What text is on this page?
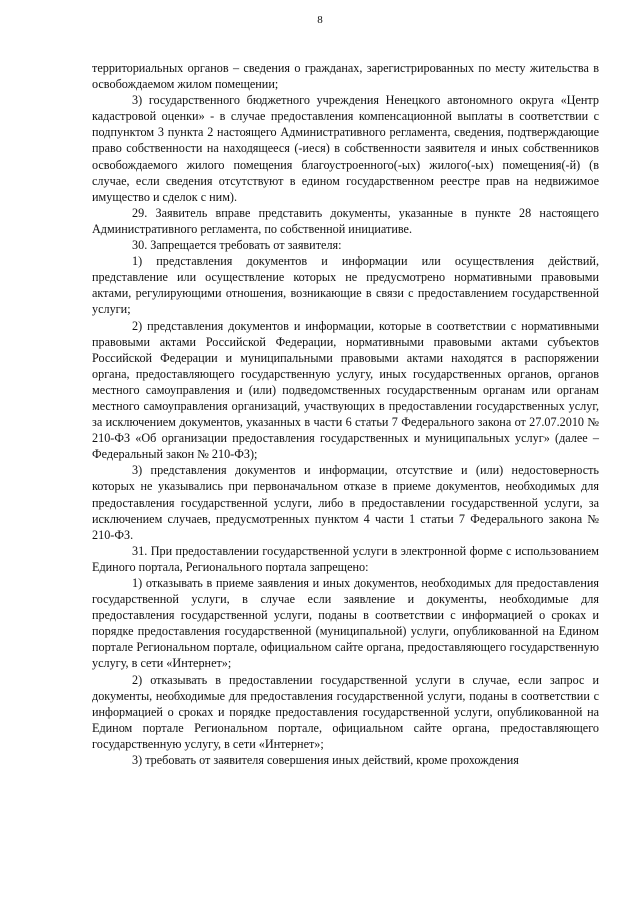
8

территориальных органов – сведения о гражданах, зарегистрированных по месту жительства в освобождаемом жилом помещении;

3) государственного бюджетного учреждения Ненецкого автономного округа «Центр кадастровой оценки» - в случае предоставления компенсационной выплаты в соответствии с подпунктом 3 пункта 2 настоящего Административного регламента, сведения, подтверждающие право собственности на находящееся (-иеся) в собственности заявителя и иных собственников освобождаемого жилого помещения благоустроенного(-ых) жилого(-ых) помещения(-й) (в случае, если сведения отсутствуют в едином государственном реестре прав на недвижимое имущество и сделок с ним).

29. Заявитель вправе представить документы, указанные в пункте 28 настоящего Административного регламента, по собственной инициативе.

30. Запрещается требовать от заявителя:

1) представления документов и информации или осуществления действий, представление или осуществление которых не предусмотрено нормативными правовыми актами, регулирующими отношения, возникающие в связи с предоставлением государственной услуги;

2) представления документов и информации, которые в соответствии с нормативными правовыми актами Российской Федерации, нормативными правовыми актами субъектов Российской Федерации и муниципальными правовыми актами находятся в распоряжении органа, предоставляющего государственную услугу, иных государственных органов, органов местного самоуправления и (или) подведомственных государственным органам или органам местного самоуправления организаций, участвующих в предоставлении государственных услуг, за исключением документов, указанных в части 6 статьи 7 Федерального закона от 27.07.2010 № 210-ФЗ «Об организации предоставления государственных и муниципальных услуг» (далее – Федеральный закон № 210-ФЗ);

3) представления документов и информации, отсутствие и (или) недостоверность которых не указывались при первоначальном отказе в приеме документов, необходимых для предоставления государственной услуги, либо в предоставлении государственной услуги, за исключением случаев, предусмотренных пунктом 4 части 1 статьи 7 Федерального закона № 210-ФЗ.

31. При предоставлении государственной услуги в электронной форме с использованием Единого портала, Регионального портала запрещено:

1) отказывать в приеме заявления и иных документов, необходимых для предоставления государственной услуги, в случае если заявление и документы, необходимые для предоставления государственной услуги, поданы в соответствии с информацией о сроках и порядке предоставления государственной (муниципальной) услуги, опубликованной на Едином портале Региональном портале, официальном сайте органа, предоставляющего государственную услугу, в сети «Интернет»;

2) отказывать в предоставлении государственной услуги в случае, если запрос и документы, необходимые для предоставления государственной услуги, поданы в соответствии с информацией о сроках и порядке предоставления государственной услуги, опубликованной на Едином портале Региональном портале, официальном сайте органа, предоставляющего государственную услугу, в сети «Интернет»;

3) требовать от заявителя совершения иных действий, кроме прохождения
